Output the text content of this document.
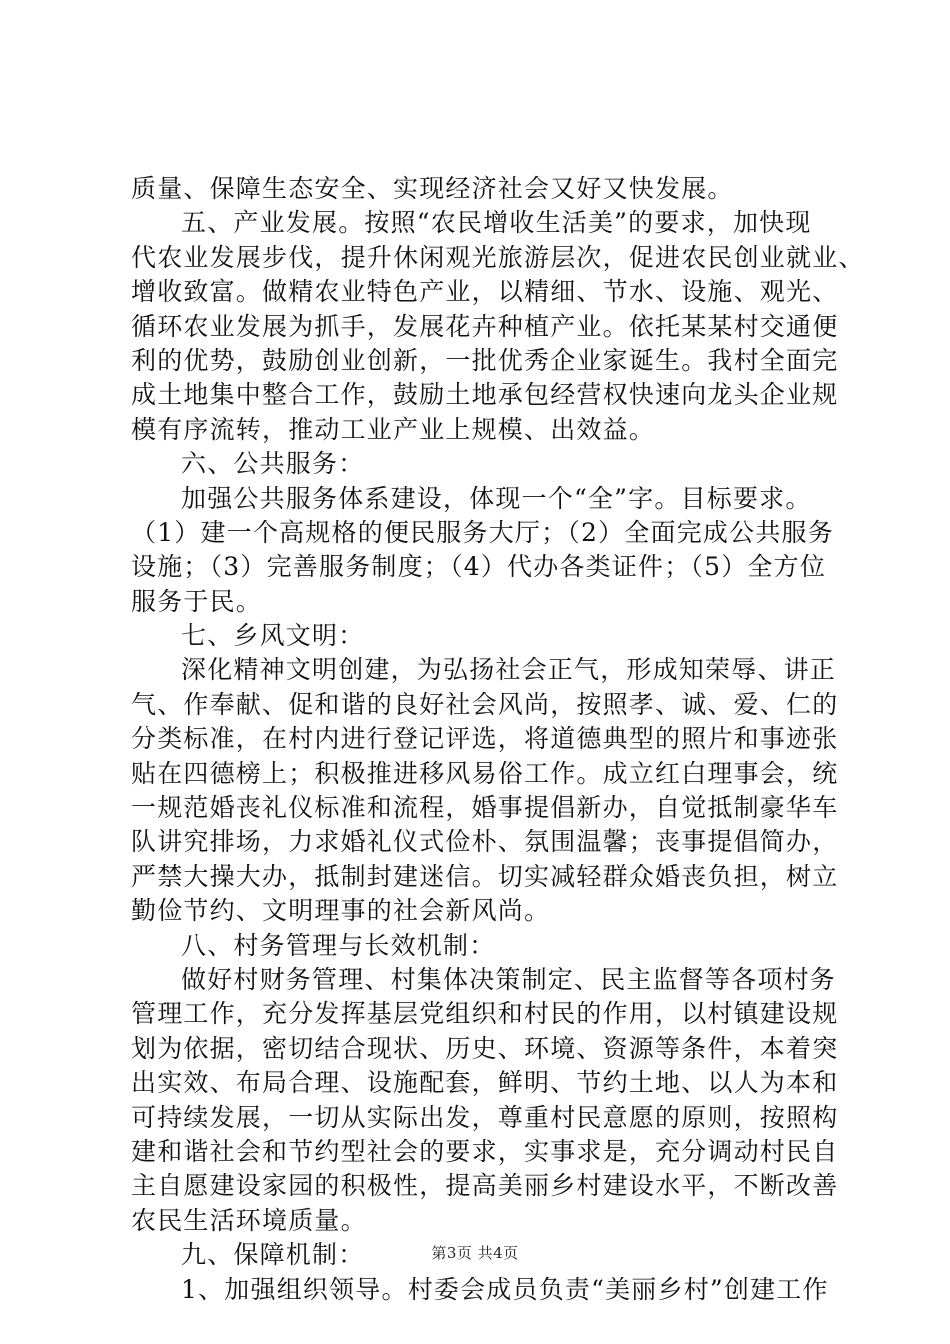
质量、保障生态安全、实现经济社会又好又快发展。
五、产业发展。按照“农民增收生活美”的要求，加快现
代农业发展步伐，提升休闲观光旅游层次，促进农民创业就业、
增收致富。做精农业特色产业，以精细、节水、设施、观光、
循环农业发展为抓手，发展花卉种植产业。依托某某村交通便
利的优势，鼓励创业创新，一批优秀企业家诞生。我村全面完
成土地集中整合工作，鼓励土地承包经营权快速向龙头企业规
模有序流转，推动工业产业上规模、出效益。
六、公共服务：
加强公共服务体系建设，体现一个“全”字。目标要求。
（1）建一个高规格的便民服务大厅；（2）全面完成公共服务
设施；（3）完善服务制度；（4）代办各类证件；（5）全方位
服务于民。
七、乡风文明：
深化精神文明创建，为弘扬社会正气，形成知荣辱、讲正
气、作奉献、促和谐的良好社会风尚，按照孝、诚、爱、仁的
分类标准，在村内进行登记评选，将道德典型的照片和事迹张
贴在四德榜上；积极推进移风易俗工作。成立红白理事会，统
一规范婚丧礼仪标准和流程，婚事提倡新办，自觉抵制豪华车
队讲究排场，力求婚礼仪式俭朴、氛围温馨；丧事提倡简办，
严禁大操大办，抵制封建迷信。切实减轻群众婚丧负担，树立
勤俭节约、文明理事的社会新风尚。
八、村务管理与长效机制：
做好村财务管理、村集体决策制定、民主监督等各项村务
管理工作，充分发挥基层党组织和村民的作用，以村镇建设规
划为依据，密切结合现状、历史、环境、资源等条件，本着突
出实效、布局合理、设施配套，鲜明、节约土地、以人为本和
可持续发展，一切从实际出发，尊重村民意愿的原则，按照构
建和谐社会和节约型社会的要求，实事求是，充分调动村民自
主自愿建设家园的积极性，提高美丽乡村建设水平，不断改善
农民生活环境质量。
九、保障机制：
1、加强组织领导。村委会成员负责“美丽乡村”创建工作
第3页 共4页
